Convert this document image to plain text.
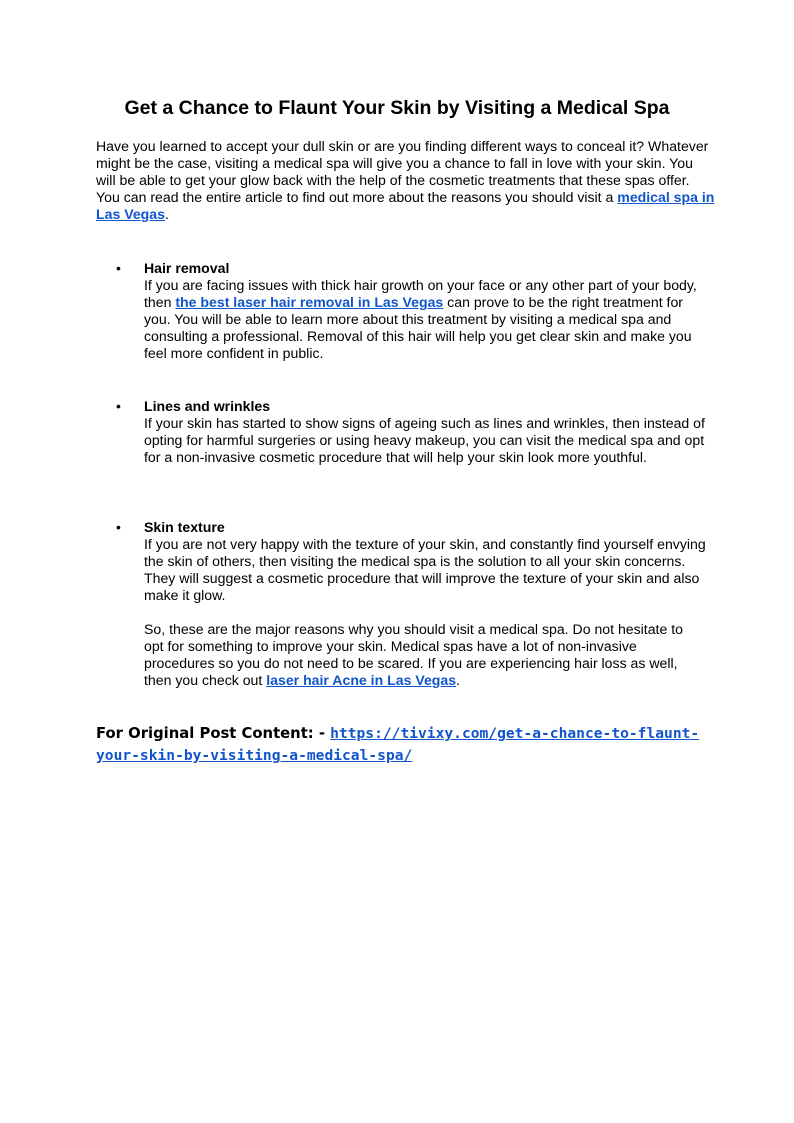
Get a Chance to Flaunt Your Skin by Visiting a Medical Spa

Have you learned to accept your dull skin or are you finding different ways to conceal it? Whatever might be the case, visiting a medical spa will give you a chance to fall in love with your skin. You will be able to get your glow back with the help of the cosmetic treatments that these spas offer. You can read the entire article to find out more about the reasons you should visit a medical spa in Las Vegas.

• Hair removal

If you are facing issues with thick hair growth on your face or any other part of your body, then the best laser hair removal in Las Vegas can prove to be the right treatment for you. You will be able to learn more about this treatment by visiting a medical spa and consulting a professional. Removal of this hair will help you get clear skin and make you feel more confident in public.

• Lines and wrinkles

If your skin has started to show signs of ageing such as lines and wrinkles, then instead of opting for harmful surgeries or using heavy makeup, you can visit the medical spa and opt for a non-invasive cosmetic procedure that will help your skin look more youthful.

• Skin texture

If you are not very happy with the texture of your skin, and constantly find yourself envying the skin of others, then visiting the medical spa is the solution to all your skin concerns. They will suggest a cosmetic procedure that will improve the texture of your skin and also make it glow.

So, these are the major reasons why you should visit a medical spa. Do not hesitate to opt for something to improve your skin. Medical spas have a lot of non-invasive procedures so you do not need to be scared. If you are experiencing hair loss as well, then you check out laser hair Acne in Las Vegas.

For Original Post Content: - https://tivixy.com/get-a-chance-to-flaunt-your-skin-by-visiting-a-medical-spa/
